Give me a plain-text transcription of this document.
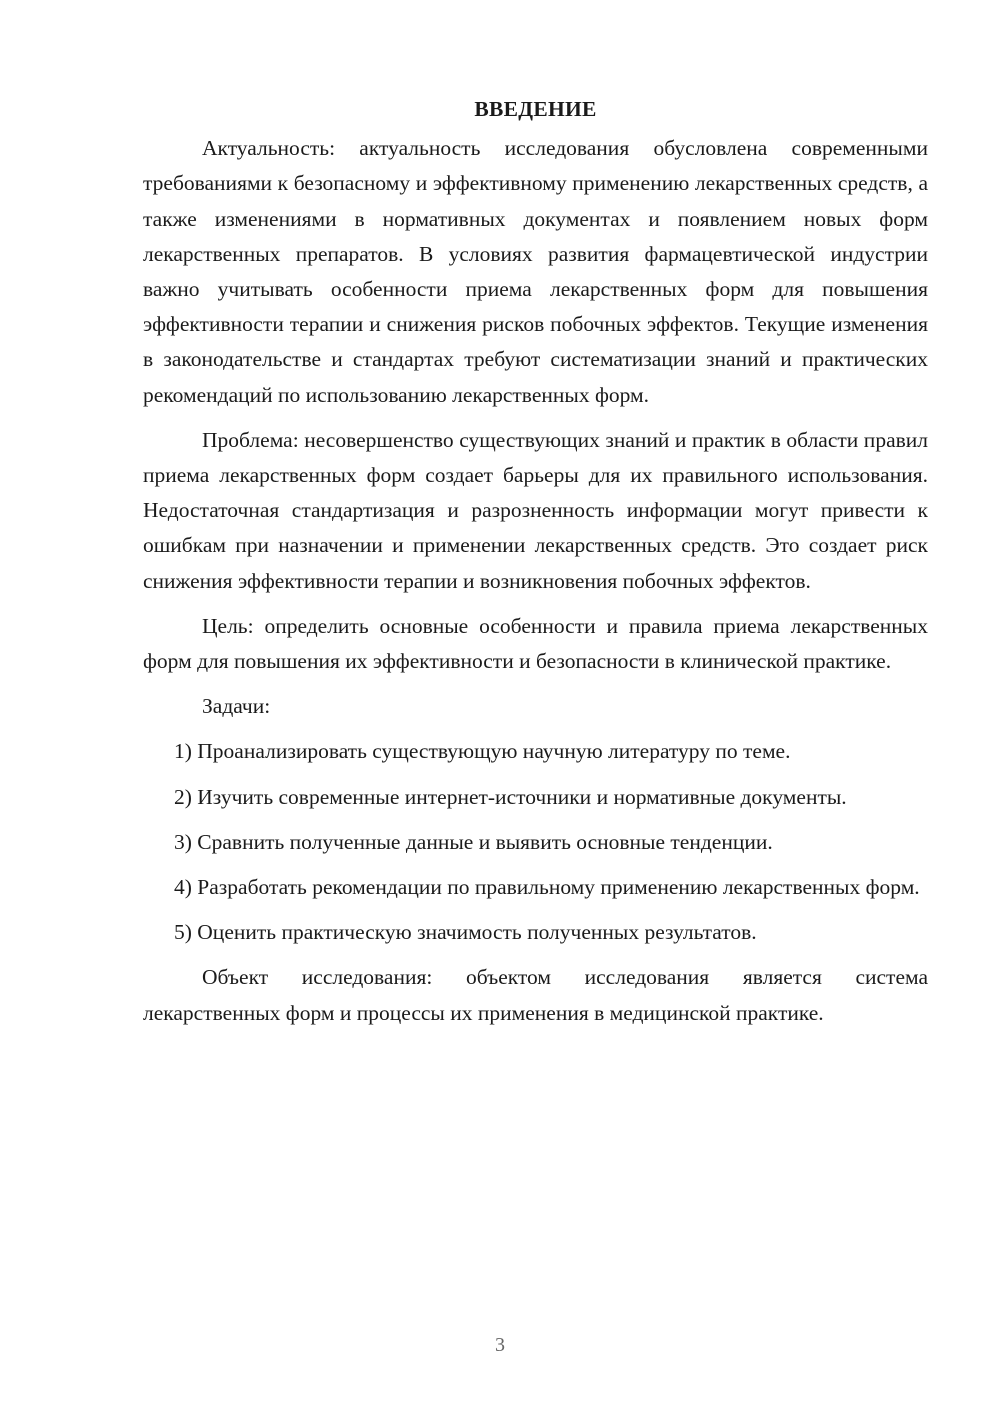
ВВЕДЕНИЕ

Актуальность: актуальность исследования обусловлена современными требованиями к безопасному и эффективному применению лекарственных средств, а также изменениями в нормативных документах и появлением новых форм лекарственных препаратов. В условиях развития фармацевтической индустрии важно учитывать особенности приема лекарственных форм для повышения эффективности терапии и снижения рисков побочных эффектов. Текущие изменения в законодательстве и стандартах требуют систематизации знаний и практических рекомендаций по использованию лекарственных форм.

Проблема: несовершенство существующих знаний и практик в области правил приема лекарственных форм создает барьеры для их правильного использования. Недостаточная стандартизация и разрозненность информации могут привести к ошибкам при назначении и применении лекарственных средств. Это создает риск снижения эффективности терапии и возникновения побочных эффектов.

Цель: определить основные особенности и правила приема лекарственных форм для повышения их эффективности и безопасности в клинической практике.

Задачи:

1) Проанализировать существующую научную литературу по теме.

2) Изучить современные интернет-источники и нормативные документы.

3) Сравнить полученные данные и выявить основные тенденции.

4) Разработать рекомендации по правильному применению лекарственных форм.

5) Оценить практическую значимость полученных результатов.

Объект исследования: объектом исследования является система лекарственных форм и процессы их применения в медицинской практике.

3
